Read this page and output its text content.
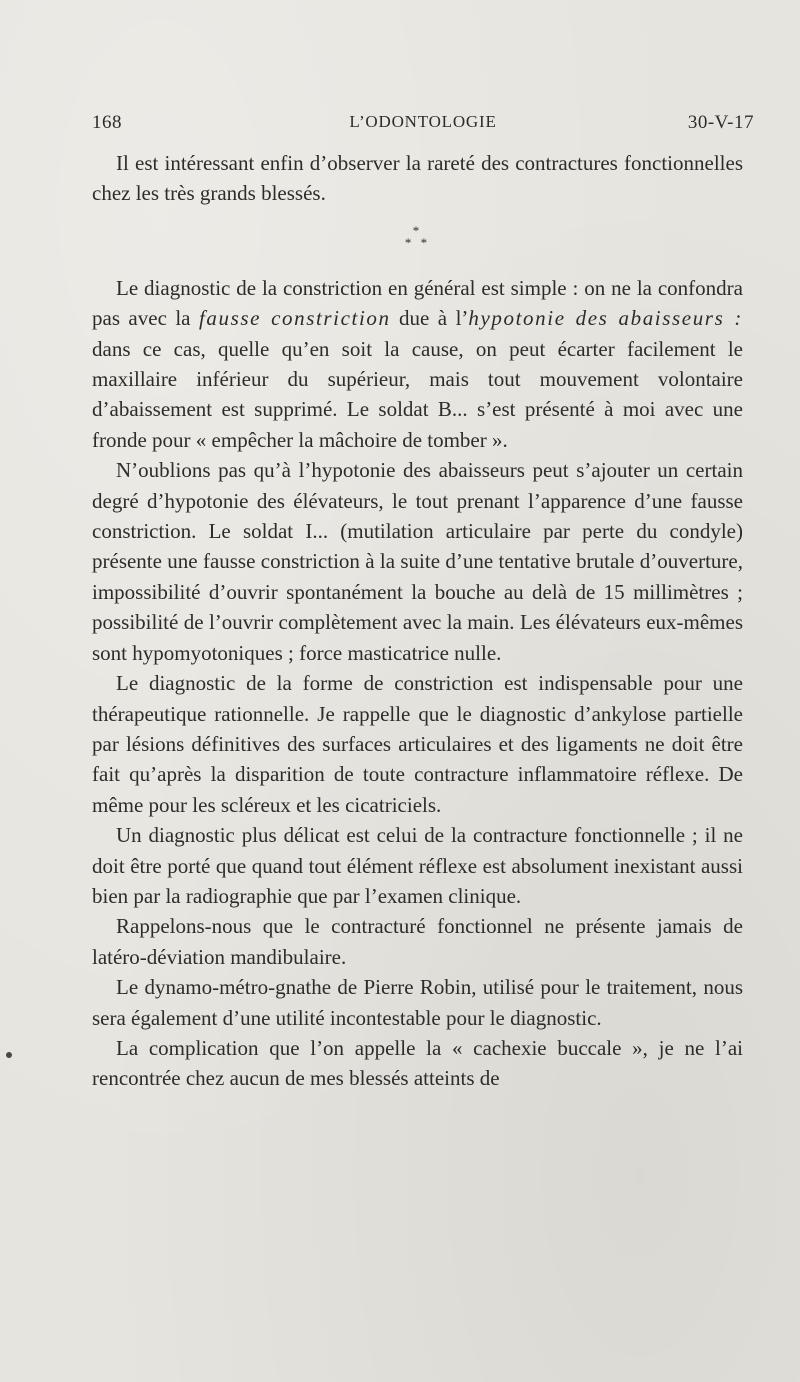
168	L’ODONTOLOGIE	30-V-17

Il est intéressant enfin d’observer la rareté des contractures fonctionnelles chez les très grands blessés.

*
* *

Le diagnostic de la constriction en général est simple : on ne la confondra pas avec la fausse constriction due à l’hypotonie des abaisseurs : dans ce cas, quelle qu’en soit la cause, on peut écarter facilement le maxillaire inférieur du supérieur, mais tout mouvement volontaire d’abaissement est supprimé. Le soldat B... s’est présenté à moi avec une fronde pour « empêcher la mâchoire de tomber ».

N’oublions pas qu’à l’hypotonie des abaisseurs peut s’ajouter un certain degré d’hypotonie des élévateurs, le tout prenant l’apparence d’une fausse constriction. Le soldat I... (mutilation articulaire par perte du condyle) présente une fausse constriction à la suite d’une tentative brutale d’ouverture, impossibilité d’ouvrir spontanément la bouche au delà de 15 millimètres ; possibilité de l’ouvrir complètement avec la main. Les élévateurs eux-mêmes sont hypomyotoniques ; force masticatrice nulle.

Le diagnostic de la forme de constriction est indispensable pour une thérapeutique rationnelle. Je rappelle que le diagnostic d’ankylose partielle par lésions définitives des surfaces articulaires et des ligaments ne doit être fait qu’après la disparition de toute contracture inflammatoire réflexe. De même pour les scléreux et les cicatriciels.

Un diagnostic plus délicat est celui de la contracture fonctionnelle ; il ne doit être porté que quand tout élément réflexe est absolument inexistant aussi bien par la radiographie que par l’examen clinique.

Rappelons-nous que le contracturé fonctionnel ne présente jamais de latéro-déviation mandibulaire.

Le dynamo-métro-gnathe de Pierre Robin, utilisé pour le traitement, nous sera également d’une utilité incontestable pour le diagnostic.

La complication que l’on appelle la « cachexie buccale », je ne l’ai rencontrée chez aucun de mes blessés atteints de
